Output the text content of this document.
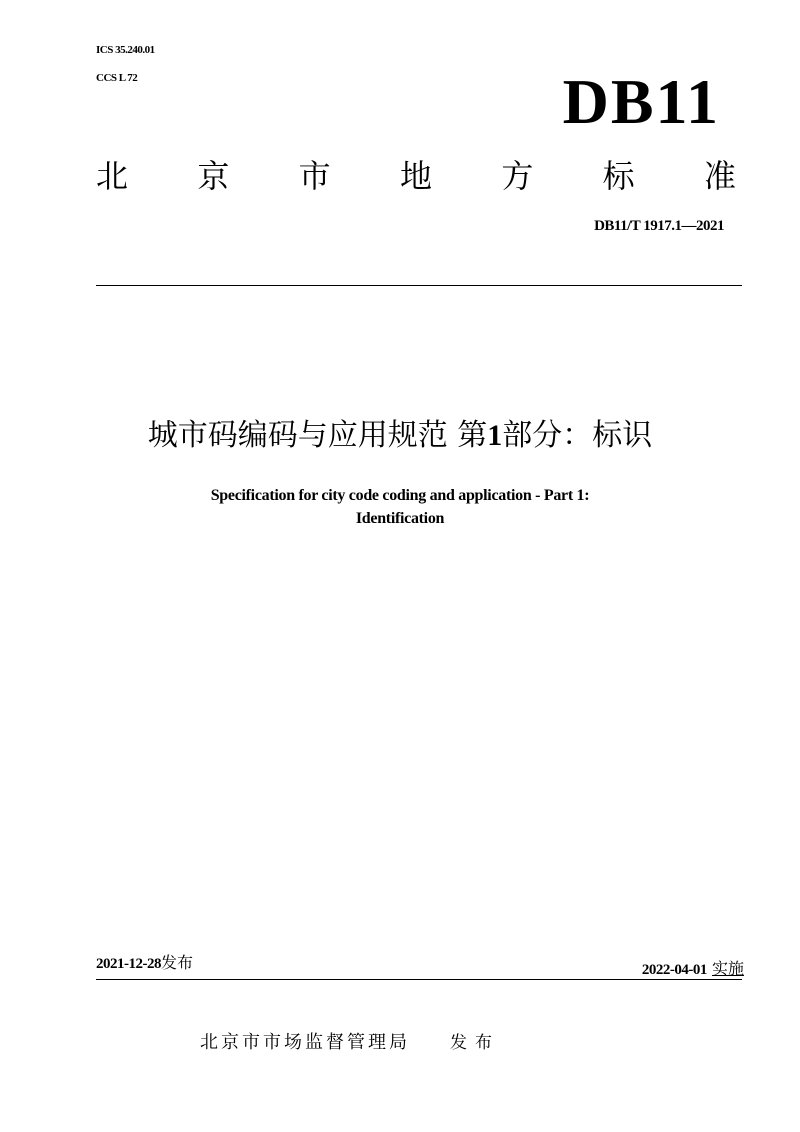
ICS 35.240.01
CCS L 72	DB11
北 京 市 地 方 标 准
DB11/T 1917.1—2021
城市码编码与应用规范 第1部分：标识
Specification for city code coding and application - Part 1:
Identification
2021-12-28发布	2022-04-01 实施
北京市市场监督管理局 发布
